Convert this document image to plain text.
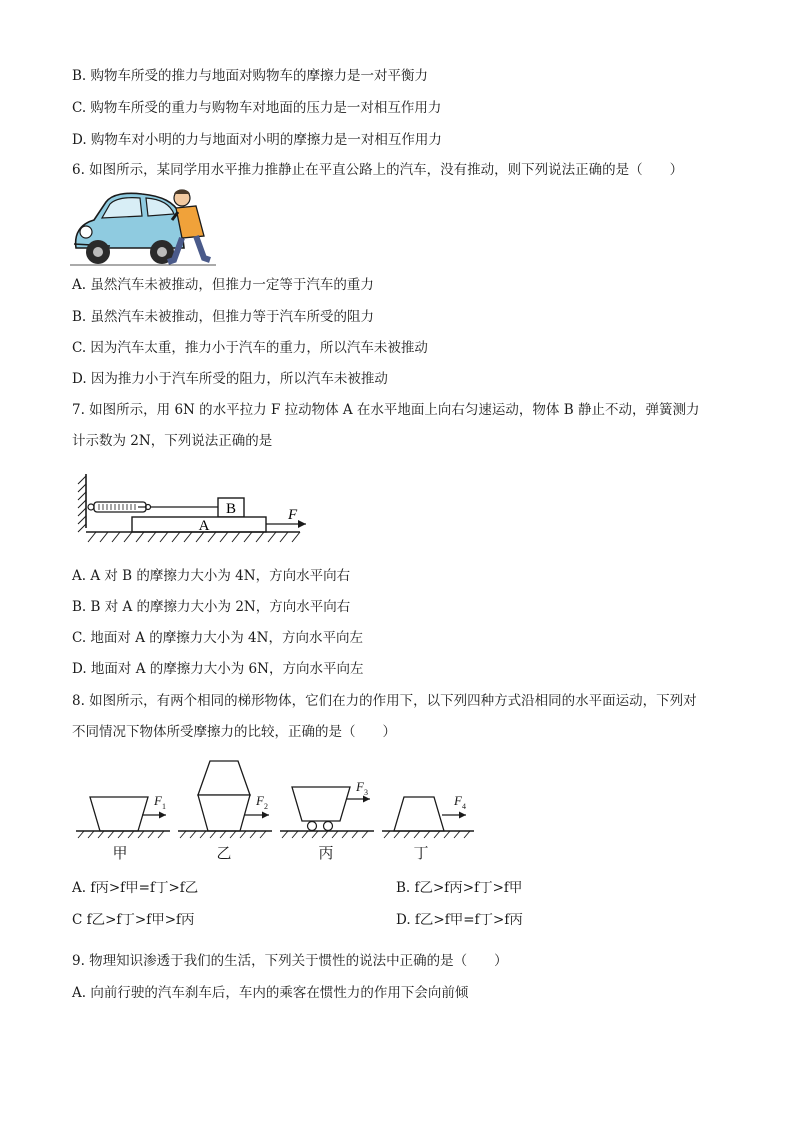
B. 购物车所受的推力与地面对购物车的摩擦力是一对平衡力
C. 购物车所受的重力与购物车对地面的压力是一对相互作用力
D. 购物车对小明的力与地面对小明的摩擦力是一对相互作用力
6. 如图所示，某同学用水平推力推静止在平直公路上的汽车，没有推动，则下列说法正确的是（　　）
A. 虽然汽车未被推动，但推力一定等于汽车的重力
B. 虽然汽车未被推动，但推力等于汽车所受的阻力
C. 因为汽车太重，推力小于汽车的重力，所以汽车未被推动
D. 因为推力小于汽车所受的阻力，所以汽车未被推动
7. 如图所示，用 6N 的水平拉力 F 拉动物体 A 在水平地面上向右匀速运动，物体 B 静止不动，弹簧测力
计示数为 2N，下列说法正确的是
B
A
F
A. A 对 B 的摩擦力大小为 4N，方向水平向右
B. B 对 A 的摩擦力大小为 2N，方向水平向右
C. 地面对 A 的摩擦力大小为 4N，方向水平向左
D. 地面对 A 的摩擦力大小为 6N，方向水平向左
8. 如图所示，有两个相同的梯形物体，它们在力的作用下，以下列四种方式沿相同的水平面运动，下列对
不同情况下物体所受摩擦力的比较，正确的是（　　）
F 1
甲
F 2
乙
F 3
丙
F 4
丁
A. f丙>f甲=f丁>f乙	B. f乙>f丙>f丁>f甲
C f乙>f丁>f甲>f丙	D. f乙>f甲=f丁>f丙
9. 物理知识渗透于我们的生活，下列关于惯性的说法中正确的是（　　）
A. 向前行驶的汽车刹车后，车内的乘客在惯性力的作用下会向前倾
